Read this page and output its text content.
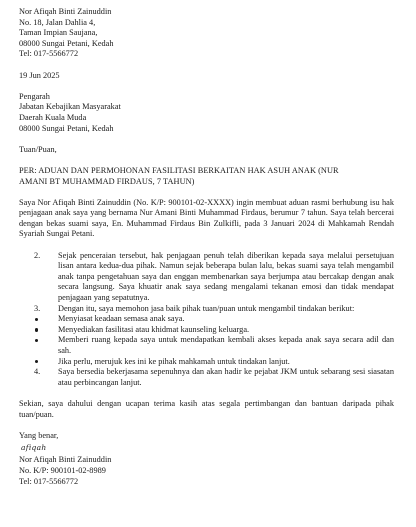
Nor Afiqah Binti Zainuddin
No. 18, Jalan Dahlia 4,
Taman Impian Saujana,
08000 Sungai Petani, Kedah
Tel: 017-5566772
19 Jun 2025
Pengarah
Jabatan Kebajikan Masyarakat
Daerah Kuala Muda
08000 Sungai Petani, Kedah
Tuan/Puan,
PER: ADUAN DAN PERMOHONAN FASILITASI BERKAITAN HAK ASUH ANAK (NUR
AMANI BT MUHAMMAD FIRDAUS, 7 TAHUN)
Saya Nor Afiqah Binti Zainuddin (No. K/P: 900101-02-XXXX) ingin membuat aduan rasmi berhubung isu hak penjagaan anak saya yang bernama Nur Amani Binti Muhammad Firdaus, berumur 7 tahun. Saya telah bercerai dengan bekas suami saya, En. Muhammad Firdaus Bin Zulkifli, pada 3 Januari 2024 di Mahkamah Rendah Syariah Sungai Petani.
2. Sejak penceraian tersebut, hak penjagaan penuh telah diberikan kepada saya melalui persetujuan lisan antara kedua-dua pihak. Namun sejak beberapa bulan lalu, bekas suami saya telah mengambil anak tanpa pengetahuan saya dan enggan membenarkan saya berjumpa atau bercakap dengan anak secara langsung. Saya khuatir anak saya sedang mengalami tekanan emosi dan tidak mendapat penjagaan yang sepatutnya.
3. Dengan itu, saya memohon jasa baik pihak tuan/puan untuk mengambil tindakan berikut:
Menyiasat keadaan semasa anak saya.
Menyediakan fasilitasi atau khidmat kaunseling keluarga.
Memberi ruang kepada saya untuk mendapatkan kembali akses kepada anak saya secara adil dan sah.
Jika perlu, merujuk kes ini ke pihak mahkamah untuk tindakan lanjut.
4. Saya bersedia bekerjasama sepenuhnya dan akan hadir ke pejabat JKM untuk sebarang sesi siasatan atau perbincangan lanjut.
Sekian, saya dahului dengan ucapan terima kasih atas segala pertimbangan dan bantuan daripada pihak tuan/puan.
Yang benar,
afiqah
Nor Afiqah Binti Zainuddin
No. K/P: 900101-02-8989
Tel: 017-5566772
